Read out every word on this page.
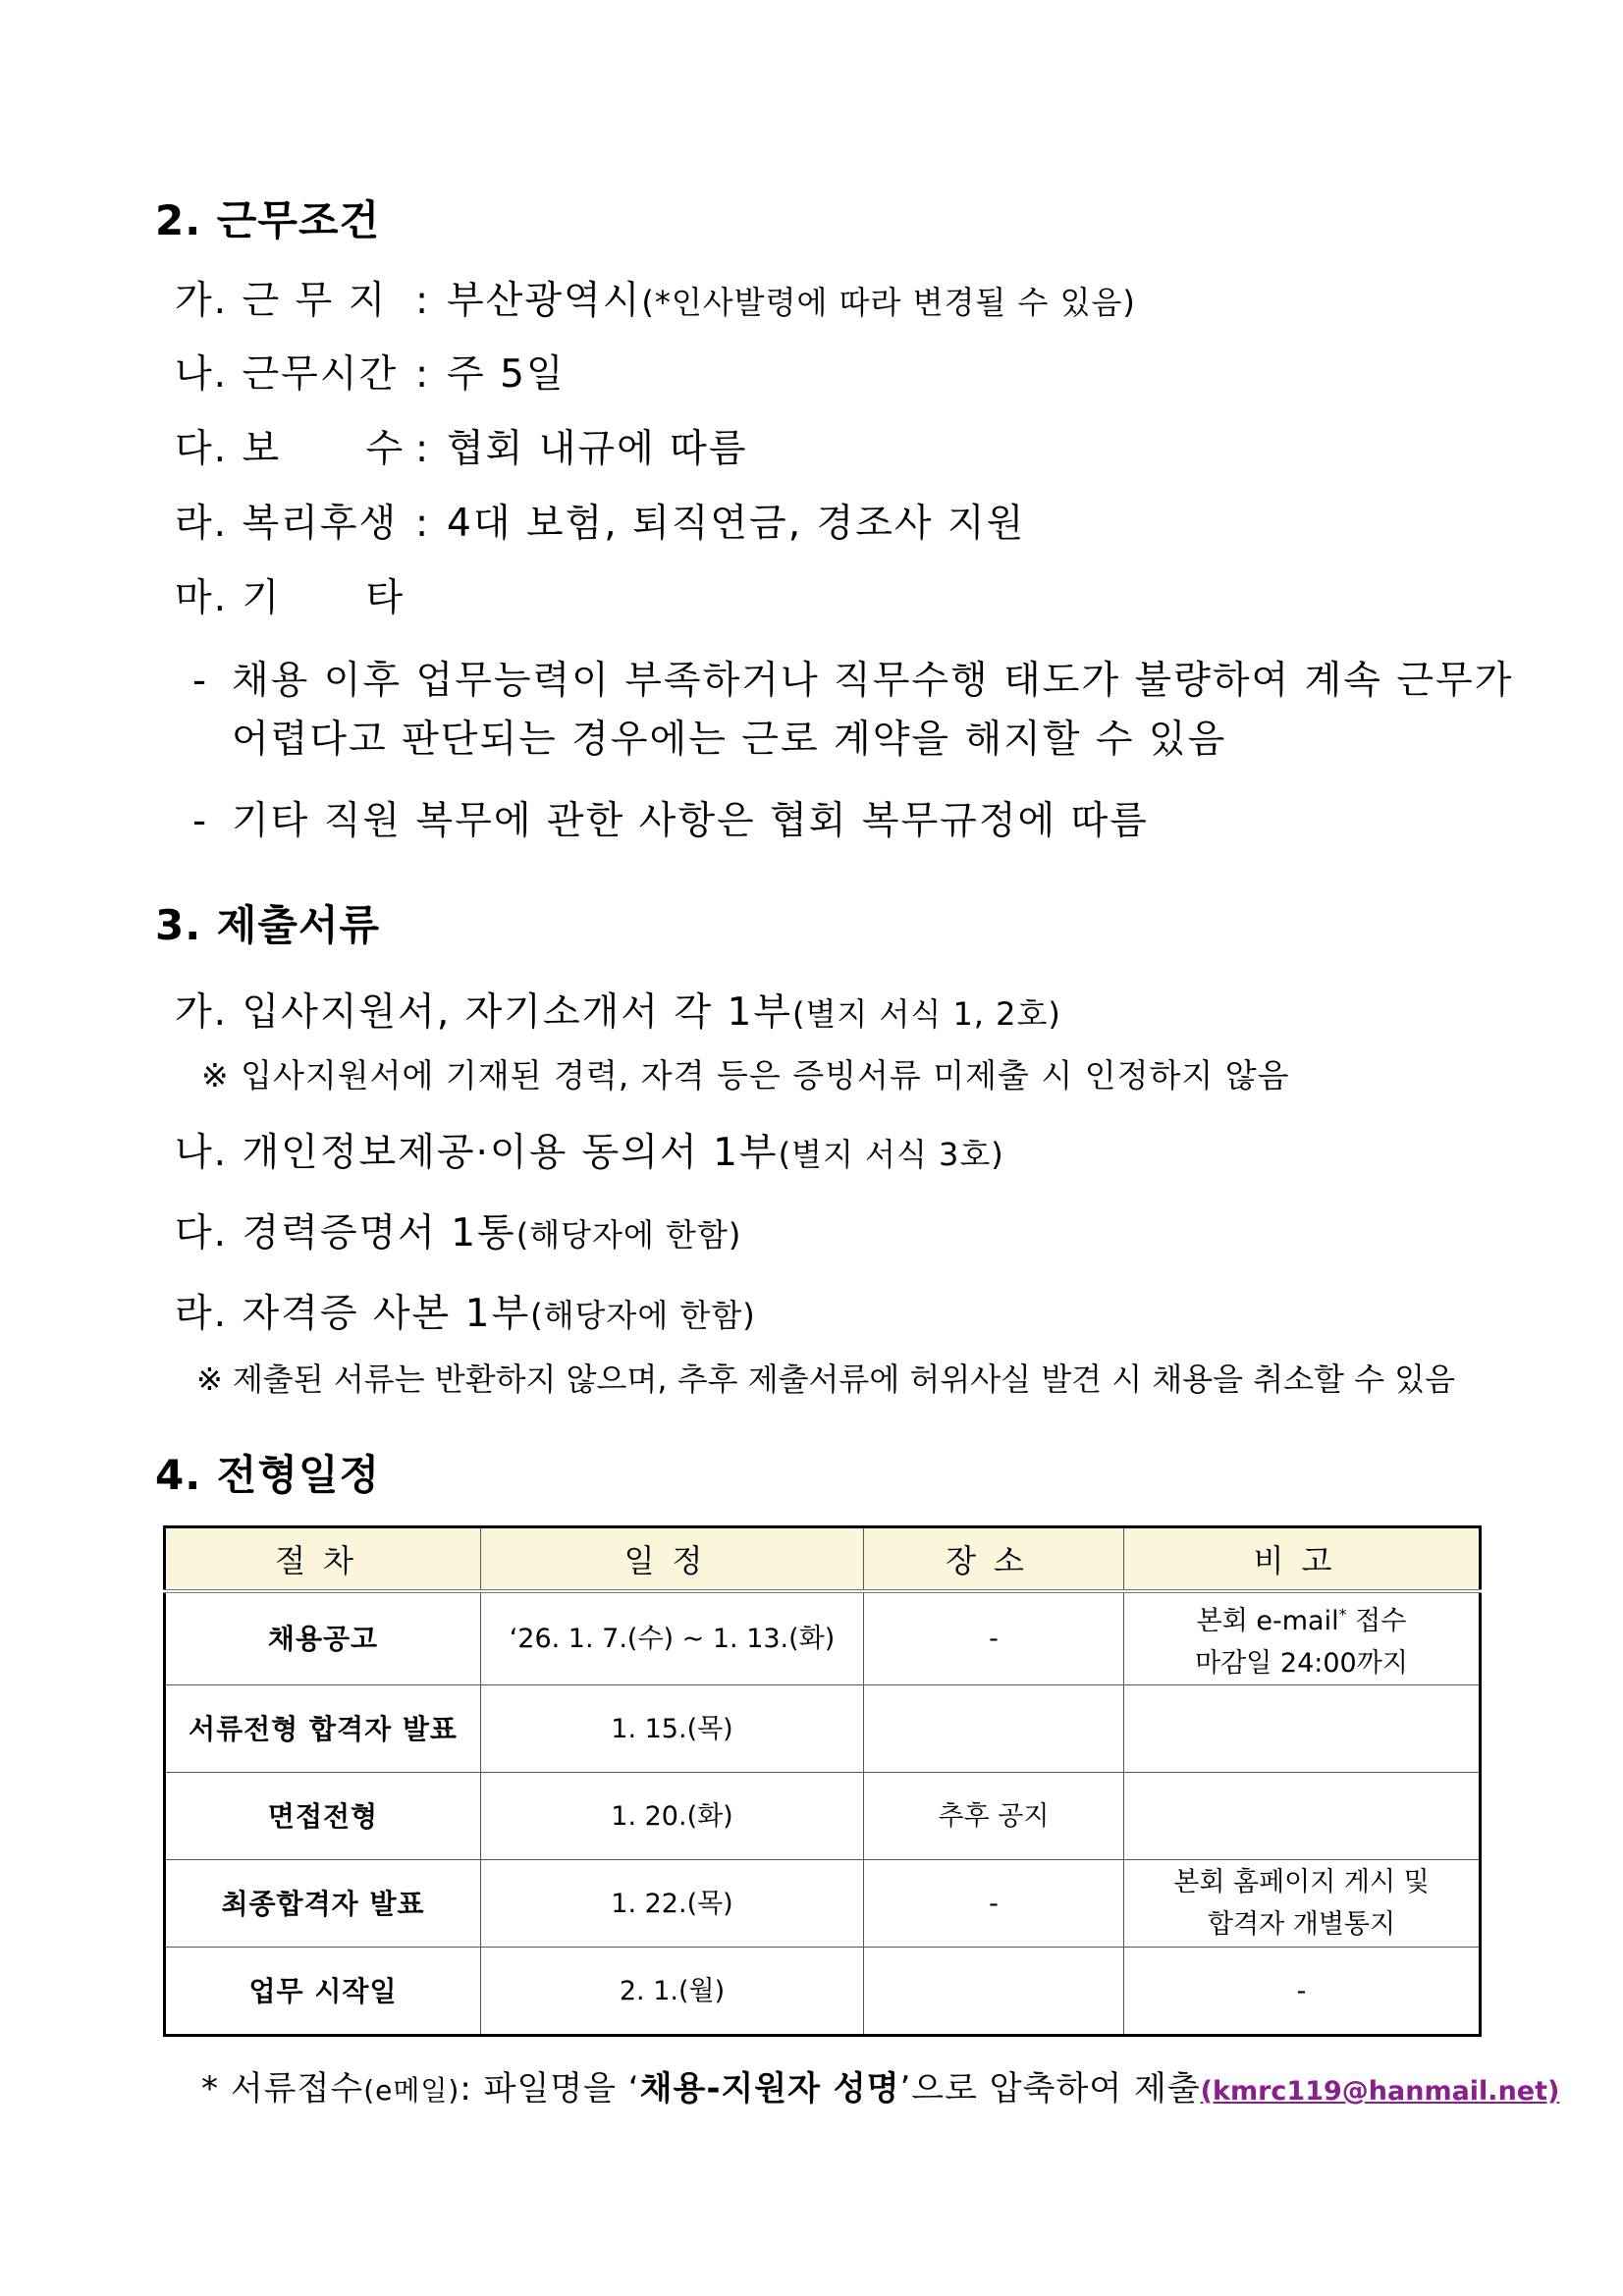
2. 근무조건
가. 근 무 지 : 부산광역시(*인사발령에 따라 변경될 수 있음)
나. 근무시간 : 주 5일
다. 보      수 : 협회 내규에 따름
라. 복리후생 : 4대 보험, 퇴직연금, 경조사 지원
마. 기      타
- 채용 이후 업무능력이 부족하거나 직무수행 태도가 불량하여 계속 근무가
어렵다고 판단되는 경우에는 근로 계약을 해지할 수 있음
- 기타 직원 복무에 관한 사항은 협회 복무규정에 따름
3. 제출서류
가. 입사지원서, 자기소개서 각 1부(별지 서식 1, 2호)
※ 입사지원서에 기재된 경력, 자격 등은 증빙서류 미제출 시 인정하지 않음
나. 개인정보제공·이용 동의서 1부(별지 서식 3호)
다. 경력증명서 1통(해당자에 한함)
라. 자격증 사본 1부(해당자에 한함)
※ 제출된 서류는 반환하지 않으며, 추후 제출서류에 허위사실 발견 시 채용을 취소할 수 있음
4. 전형일정
절차	일정	장소	비고
채용공고	‘26. 1. 7.(수) ~ 1. 13.(화)	-	본회 e-mail* 접수
마감일 24:00까지
서류전형 합격자 발표	1. 15.(목)		
면접전형	1. 20.(화)	추후 공지	
최종합격자 발표	1. 22.(목)	-	본회 홈페이지 게시 및
합격자 개별통지
업무 시작일	2. 1.(월)		-
* 서류접수(e메일): 파일명을 ‘채용-지원자 성명’으로 압축하여 제출(kmrc119@hanmail.net)
